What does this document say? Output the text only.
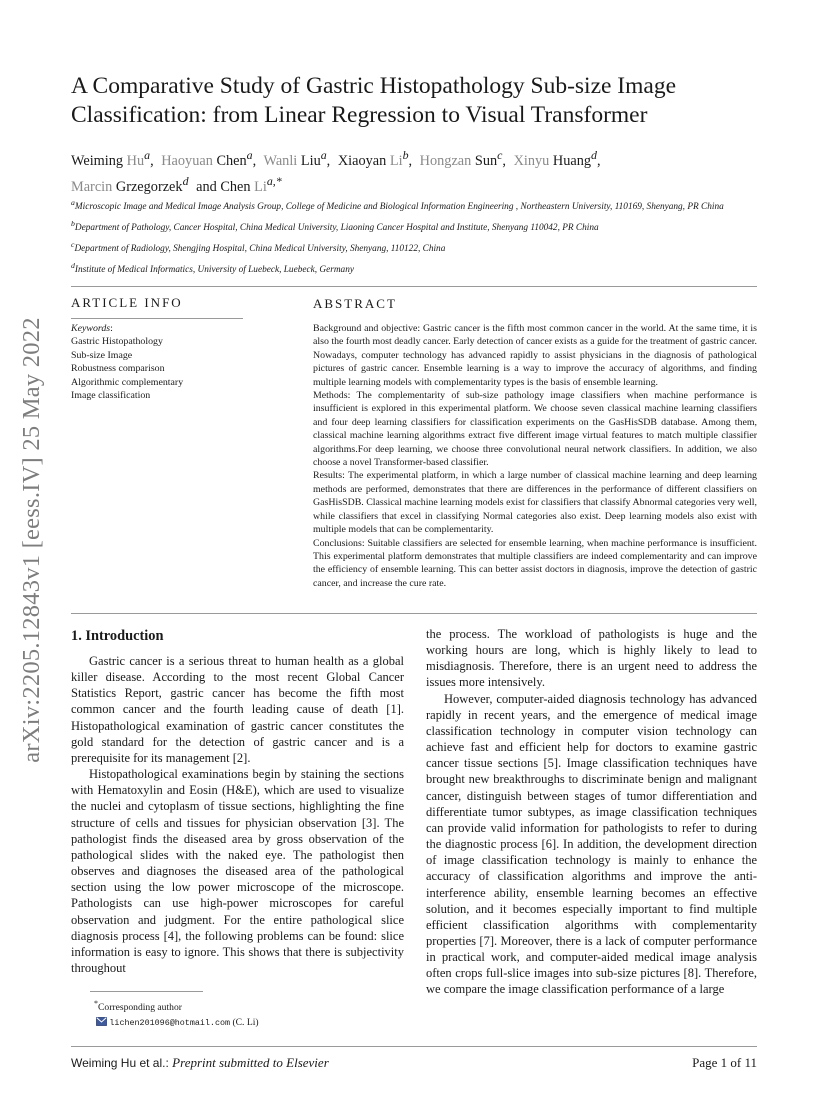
A Comparative Study of Gastric Histopathology Sub-size Image Classification: from Linear Regression to Visual Transformer
Weiming Hu$^a$, Haoyuan Chen$^a$, Wanli Liu$^a$, Xiaoyan Li$^b$, Hongzan Sun$^c$, Xinyu Huang$^d$,
Marcin Grzegorzek$^d$ and Chen $Li^{a,*}$

$^a$Microscopic Image and Medical Image Analysis Group, College of Medicine and Biological Information Engineering , Northeastern University, 110169, Shenyang, PR China

$^b$Department of Pathology, Cancer Hospital, China Medical University, Liaoning Cancer Hospital and Institute, Shenyang 110042, PR China

$^c$Department of Radiology, Shengjing Hospital, China Medical University, Shenyang, 110122, China

$^d$Institute of Medical Informatics, University of Luebeck, Luebeck, Germany

arXiv:2205.12843v1 [eess.IV] 25 May 2022
ARTICLE INFO	ABSTRACT
Keywords:
Gastric Histopathology
Sub-size Image
Robustness comparison
Algorithmic complementary
Image classification

Background and objective: Gastric cancer is the fifth most common cancer in the world. At the same time, it is also the fourth most deadly cancer. Early detection of cancer exists as a guide for the treatment of gastric cancer. Nowadays, computer technology has advanced rapidly to assist physicians in the diagnosis of pathological pictures of gastric cancer. Ensemble learning is a way to improve the accuracy of algorithms, and finding multiple learning models with complementarity types is the basis of ensemble learning.

Methods: The complementarity of sub-size pathology image classifiers when machine performance is insufficient is explored in this experimental platform. We choose seven classical machine learning classifiers and four deep learning classifiers for classification experiments on the GasHisSDB database. Among them, classical machine learning algorithms extract five different image virtual features to match multiple classifier algorithms.For deep learning, we choose three convolutional neural network classifiers. In addition, we also choose a novel Transformer-based classifier.

Results: The experimental platform, in which a large number of classical machine learning and deep learning methods are performed, demonstrates that there are differences in the performance of different classifiers on GasHisSDB. Classical machine learning models exist for classifiers that classify Abnormal categories very well, while classifiers that excel in classifying Normal categories also exist. Deep learning models also exist with multiple models that can be complementarity.

Conclusions: Suitable classifiers are selected for ensemble learning, when machine performance is insufficient. This experimental platform demonstrates that multiple classifiers are indeed complementarity and can improve the efficiency of ensemble learning. This can better assist doctors in diagnosis, improve the detection of gastric cancer, and increase the cure rate.

1. Introduction

Gastric cancer is a serious threat to human health as a global killer disease. According to the most recent Global Cancer Statistics Report, gastric cancer has become the fifth most common cancer and the fourth leading cause of death [1]. Histopathological examination of gastric cancer constitutes the gold standard for the detection of gastric cancer and is a prerequisite for its management [2].

Histopathological examinations begin by staining the sections with Hematoxylin and Eosin (H&E), which are used to visualize the nuclei and cytoplasm of tissue sections, highlighting the fine structure of cells and tissues for physician observation [3]. The pathologist finds the diseased area by gross observation of the pathological slides with the naked eye. The pathologist then observes and diagnoses the diseased area of the pathological section using the low power microscope of the microscope. Pathologists can use high-power microscopes for careful observation and judgment. For the entire pathological slice diagnosis process [4], the following problems can be found: slice information is easy to ignore. This shows that there is subjectivity throughout

the process. The workload of pathologists is huge and the working hours are long, which is highly likely to lead to misdiagnosis. Therefore, there is an urgent need to address the issues more intensively.

However, computer-aided diagnosis technology has advanced rapidly in recent years, and the emergence of medical image classification technology in computer vision technology can achieve fast and efficient help for doctors to examine gastric cancer tissue sections [5]. Image classification techniques have brought new breakthroughs to discriminate benign and malignant cancer, distinguish between stages of tumor differentiation and differentiate tumor subtypes, as image classification techniques can provide valid information for pathologists to refer to during the diagnostic process [6]. In addition, the development direction of image classification technology is mainly to enhance the accuracy of classification algorithms and improve the anti-interference ability, ensemble learning becomes an effective solution, and it becomes especially important to find multiple efficient classification algorithms with complementarity properties [7]. Moreover, there is a lack of computer performance in practical work, and computer-aided medical image analysis often crops full-slice images into sub-size pictures [8]. Therefore, we compare the image classification performance of a large

*Corresponding author
lichen201096@hotmail.com (C. Li)
Weiming Hu et al.: Preprint submitted to Elsevier	Page 1 of 11
